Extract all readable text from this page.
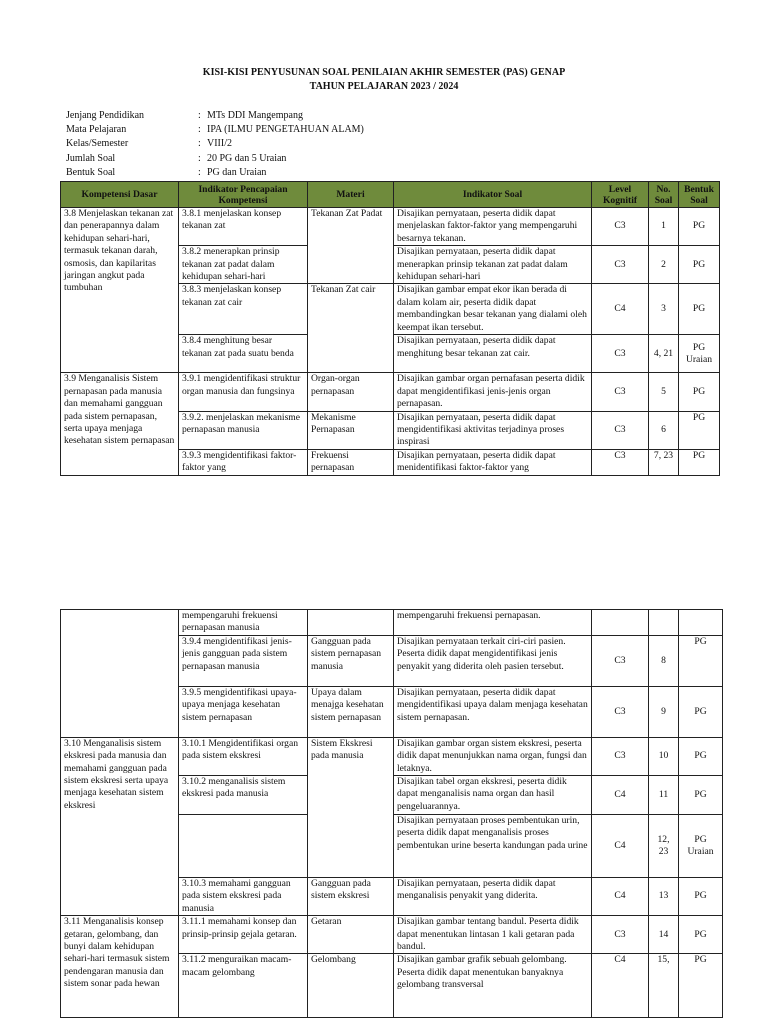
KISI-KISI PENYUSUNAN SOAL PENILAIAN AKHIR SEMESTER (PAS) GENAP
TAHUN PELAJARAN 2023 / 2024
Jenjang Pendidikan	: MTs DDI Mangempang
Mata Pelajaran	: IPA (ILMU PENGETAHUAN ALAM)
Kelas/Semester	: VIII/2
Jumlah Soal	: 20 PG dan 5 Uraian
Bentuk Soal	: PG dan Uraian
Kompetensi Dasar	Indikator Pencapaian Kompetensi	Materi	Indikator Soal	Level Kognitif	No. Soal	Bentuk Soal
3.8 Menjelaskan tekanan zat dan penerapannya dalam kehidupan sehari-hari, termasuk tekanan darah, osmosis, dan kapilaritas jaringan angkut pada tumbuhan	3.8.1 menjelaskan konsep tekanan zat	Tekanan Zat Padat	Disajikan pernyataan, peserta didik dapat menjelaskan faktor-faktor yang mempengaruhi besarnya tekanan.	C3	1	PG
	3.8.2 menerapkan prinsip tekanan zat padat dalam kehidupan sehari-hari		Disajikan pernyataan, peserta didik dapat menerapkan prinsip tekanan zat padat dalam kehidupan sehari-hari	C3	2	PG
	3.8.3 menjelaskan konsep tekanan zat cair	Tekanan Zat cair	Disajikan gambar empat ekor ikan berada di dalam kolam air, peserta didik dapat membandingkan besar tekanan yang dialami oleh keempat ikan tersebut.	C4	3	PG
	3.8.4 menghitung besar tekanan zat pada suatu benda		Disajikan pernyataan, peserta didik dapat menghitung besar tekanan zat cair.	C3	4, 21	PG Uraian
3.9 Menganalisis Sistem pernapasan pada manusia dan memahami gangguan pada sistem pernapasan, serta upaya menjaga kesehatan sistem pernapasan	3.9.1 mengidentifikasi struktur organ manusia dan fungsinya	Organ-organ pernapasan	Disajikan gambar organ pernafasan peserta didik dapat mengidentifikasi jenis-jenis organ pernapasan.	C3	5	PG
	3.9.2. menjelaskan mekanisme pernapasan manusia	Mekanisme Pernapasan	Disajikan pernyataan, peserta didik dapat mengidentifikasi aktivitas terjadinya proses inspirasi	C3	6	PG
	3.9.3 mengidentifikasi faktor-faktor yang	Frekuensi pernapasan	Disajikan pernyataan, peserta didik dapat menidentifikasi faktor-faktor yang	C3	7, 23	PG
	mempengaruhi frekuensi pernapasan manusia		mempengaruhi frekuensi pernapasan.			
	3.9.4 mengidentifikasi jenis-jenis gangguan pada sistem pernapasan manusia	Gangguan pada sistem pernapasan manusia	Disajikan pernyataan terkait ciri-ciri pasien. Peserta didik dapat mengidentifikasi jenis penyakit yang diderita oleh pasien tersebut.	C3	8	PG
	3.9.5 mengidentifikasi upaya-upaya menjaga kesehatan sistem pernapasan	Upaya dalam menajga kesehatan sistem pernapasan	Disajikan pernyataan, peserta didik dapat mengidentifikasi upaya dalam menjaga kesehatan sistem pernapasan.	C3	9	PG
3.10 Menganalisis sistem ekskresi pada manusia dan memahami gangguan pada sistem ekskresi serta upaya menjaga kesehatan sistem ekskresi	3.10.1 Mengidentifikasi organ pada sistem ekskresi	Sistem Ekskresi pada manusia	Disajikan gambar organ sistem ekskresi, peserta didik dapat menunjukkan nama organ, fungsi dan letaknya.	C3	10	PG
	3.10.2 menganalisis sistem ekskresi pada manusia		Disajikan tabel organ ekskresi, peserta didik dapat menganalisis nama organ dan hasil pengeluarannya.	C4	11	PG
			Disajikan pernyataan proses pembentukan urin, peserta didik dapat menganalisis proses pembentukan urine beserta kandungan pada urine	C4	12, 23	PG Uraian
	3.10.3 memahami gangguan pada sistem ekskresi pada manusia	Gangguan pada sistem ekskresi	Disajikan pernyataan, peserta didik dapat menganalisis penyakit yang diderita.	C4	13	PG
3.11 Menganalisis konsep getaran, gelombang, dan bunyi dalam kehidupan sehari-hari termasuk sistem pendengaran manusia dan sistem sonar pada hewan	3.11.1 memahami konsep dan prinsip-prinsip gejala getaran.	Getaran	Disajikan gambar tentang bandul. Peserta didik dapat menentukan lintasan 1 kali getaran pada bandul.	C3	14	PG
	3.11.2 menguraikan macam-macam gelombang	Gelombang	Disajikan gambar grafik sebuah gelombang. Peserta didik dapat menentukan banyaknya gelombang transversal	C4	15,	PG
